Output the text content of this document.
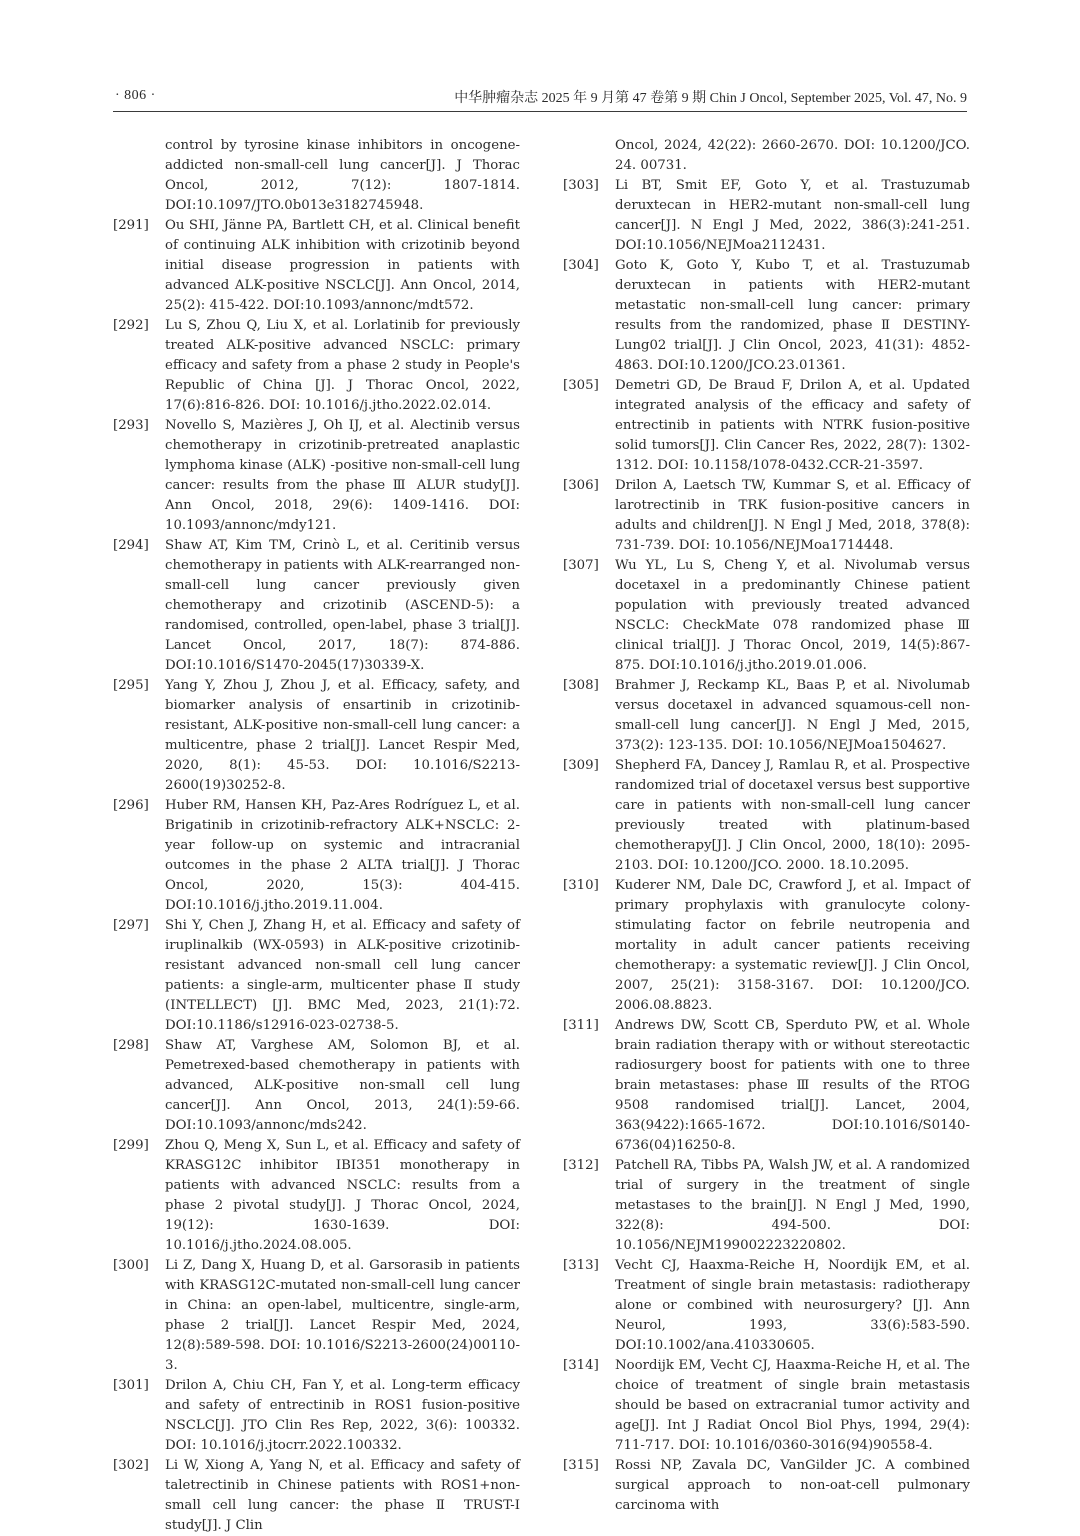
· 806 ·	中华肿瘤杂志 2025 年 9 月第 47 卷第 9 期 Chin J Oncol, September 2025, Vol. 47, No. 9
control by tyrosine kinase inhibitors in oncogene-addicted non-small-cell lung cancer[J]. J Thorac Oncol, 2012, 7(12): 1807-1814. DOI:10.1097/JTO.0b013e3182745948.
[291]	Ou SHI, Jänne PA, Bartlett CH, et al. Clinical benefit of continuing ALK inhibition with crizotinib beyond initial disease progression in patients with advanced ALK-positive NSCLC[J]. Ann Oncol, 2014, 25(2): 415-422. DOI:10.1093/annonc/mdt572.
[292]	Lu S, Zhou Q, Liu X, et al. Lorlatinib for previously treated ALK-positive advanced NSCLC: primary efficacy and safety from a phase 2 study in People's Republic of China [J]. J Thorac Oncol, 2022, 17(6):816-826. DOI: 10.1016/j.jtho.2022.02.014.
[293]	Novello S, Mazières J, Oh IJ, et al. Alectinib versus chemotherapy in crizotinib-pretreated anaplastic lymphoma kinase (ALK) -positive non-small-cell lung cancer: results from the phase Ⅲ ALUR study[J]. Ann Oncol, 2018, 29(6): 1409-1416. DOI: 10.1093/annonc/mdy121.
[294]	Shaw AT, Kim TM, Crinò L, et al. Ceritinib versus chemotherapy in patients with ALK-rearranged non-small-cell lung cancer previously given chemotherapy and crizotinib (ASCEND-5): a randomised, controlled, open-label, phase 3 trial[J]. Lancet Oncol, 2017, 18(7): 874-886. DOI:10.1016/S1470-2045(17)30339-X.
[295]	Yang Y, Zhou J, Zhou J, et al. Efficacy, safety, and biomarker analysis of ensartinib in crizotinib-resistant, ALK-positive non-small-cell lung cancer: a multicentre, phase 2 trial[J]. Lancet Respir Med, 2020, 8(1): 45-53. DOI: 10.1016/S2213-2600(19)30252-8.
[296]	Huber RM, Hansen KH, Paz-Ares Rodríguez L, et al. Brigatinib in crizotinib-refractory ALK+NSCLC: 2-year follow-up on systemic and intracranial outcomes in the phase 2 ALTA trial[J]. J Thorac Oncol, 2020, 15(3): 404-415. DOI:10.1016/j.jtho.2019.11.004.
[297]	Shi Y, Chen J, Zhang H, et al. Efficacy and safety of iruplinalkib (WX-0593) in ALK-positive crizotinib-resistant advanced non-small cell lung cancer patients: a single-arm, multicenter phase Ⅱ study (INTELLECT) [J]. BMC Med, 2023, 21(1):72. DOI:10.1186/s12916-023-02738-5.
[298]	Shaw AT, Varghese AM, Solomon BJ, et al. Pemetrexed-based chemotherapy in patients with advanced, ALK-positive non-small cell lung cancer[J]. Ann Oncol, 2013, 24(1):59-66. DOI:10.1093/annonc/mds242.
[299]	Zhou Q, Meng X, Sun L, et al. Efficacy and safety of KRASG12C inhibitor IBI351 monotherapy in patients with advanced NSCLC: results from a phase 2 pivotal study[J]. J Thorac Oncol, 2024, 19(12): 1630-1639. DOI: 10.1016/j.jtho.2024.08.005.
[300]	Li Z, Dang X, Huang D, et al. Garsorasib in patients with KRASG12C-mutated non-small-cell lung cancer in China: an open-label, multicentre, single-arm, phase 2 trial[J]. Lancet Respir Med, 2024, 12(8):589-598. DOI: 10.1016/S2213-2600(24)00110-3.
[301]	Drilon A, Chiu CH, Fan Y, et al. Long-term efficacy and safety of entrectinib in ROS1 fusion-positive NSCLC[J]. JTO Clin Res Rep, 2022, 3(6): 100332. DOI: 10.1016/j.jtocrr.2022.100332.
[302]	Li W, Xiong A, Yang N, et al. Efficacy and safety of taletrectinib in Chinese patients with ROS1+non-small cell lung cancer: the phase Ⅱ TRUST-I study[J]. J Clin
Oncol, 2024, 42(22): 2660-2670. DOI: 10.1200/JCO. 24. 00731.
[303]	Li BT, Smit EF, Goto Y, et al. Trastuzumab deruxtecan in HER2-mutant non-small-cell lung cancer[J]. N Engl J Med, 2022, 386(3):241-251. DOI:10.1056/NEJMoa2112431.
[304]	Goto K, Goto Y, Kubo T, et al. Trastuzumab deruxtecan in patients with HER2-mutant metastatic non-small-cell lung cancer: primary results from the randomized, phase Ⅱ DESTINY-Lung02 trial[J]. J Clin Oncol, 2023, 41(31): 4852-4863. DOI:10.1200/JCO.23.01361.
[305]	Demetri GD, De Braud F, Drilon A, et al. Updated integrated analysis of the efficacy and safety of entrectinib in patients with NTRK fusion-positive solid tumors[J]. Clin Cancer Res, 2022, 28(7): 1302-1312. DOI: 10.1158/1078-0432.CCR-21-3597.
[306]	Drilon A, Laetsch TW, Kummar S, et al. Efficacy of larotrectinib in TRK fusion-positive cancers in adults and children[J]. N Engl J Med, 2018, 378(8): 731-739. DOI: 10.1056/NEJMoa1714448.
[307]	Wu YL, Lu S, Cheng Y, et al. Nivolumab versus docetaxel in a predominantly Chinese patient population with previously treated advanced NSCLC: CheckMate 078 randomized phase Ⅲ clinical trial[J]. J Thorac Oncol, 2019, 14(5):867-875. DOI:10.1016/j.jtho.2019.01.006.
[308]	Brahmer J, Reckamp KL, Baas P, et al. Nivolumab versus docetaxel in advanced squamous-cell non-small-cell lung cancer[J]. N Engl J Med, 2015, 373(2): 123-135. DOI: 10.1056/NEJMoa1504627.
[309]	Shepherd FA, Dancey J, Ramlau R, et al. Prospective randomized trial of docetaxel versus best supportive care in patients with non-small-cell lung cancer previously treated with platinum-based chemotherapy[J]. J Clin Oncol, 2000, 18(10): 2095-2103. DOI: 10.1200/JCO. 2000. 18.10.2095.
[310]	Kuderer NM, Dale DC, Crawford J, et al. Impact of primary prophylaxis with granulocyte colony-stimulating factor on febrile neutropenia and mortality in adult cancer patients receiving chemotherapy: a systematic review[J]. J Clin Oncol, 2007, 25(21): 3158-3167. DOI: 10.1200/JCO. 2006.08.8823.
[311]	Andrews DW, Scott CB, Sperduto PW, et al. Whole brain radiation therapy with or without stereotactic radiosurgery boost for patients with one to three brain metastases: phase Ⅲ results of the RTOG 9508 randomised trial[J]. Lancet, 2004, 363(9422):1665-1672. DOI:10.1016/S0140-6736(04)16250-8.
[312]	Patchell RA, Tibbs PA, Walsh JW, et al. A randomized trial of surgery in the treatment of single metastases to the brain[J]. N Engl J Med, 1990, 322(8): 494-500. DOI: 10.1056/NEJM199002223220802.
[313]	Vecht CJ, Haaxma-Reiche H, Noordijk EM, et al. Treatment of single brain metastasis: radiotherapy alone or combined with neurosurgery? [J]. Ann Neurol, 1993, 33(6):583-590. DOI:10.1002/ana.410330605.
[314]	Noordijk EM, Vecht CJ, Haaxma-Reiche H, et al. The choice of treatment of single brain metastasis should be based on extracranial tumor activity and age[J]. Int J Radiat Oncol Biol Phys, 1994, 29(4): 711-717. DOI: 10.1016/0360-3016(94)90558-4.
[315]	Rossi NP, Zavala DC, VanGilder JC. A combined surgical approach to non-oat-cell pulmonary carcinoma with
